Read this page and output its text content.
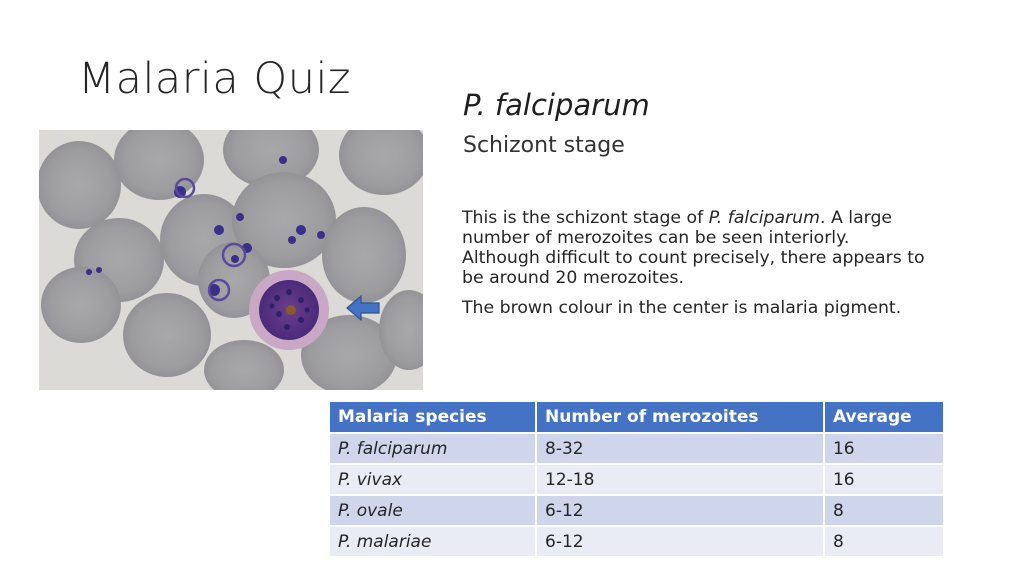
Malaria Quiz
P. falciparum
Schizont stage

This is the schizont stage of P. falciparum. A large number of merozoites can be seen interiorly. Although difficult to count precisely, there appears to be around 20 merozoites.

The brown colour in the center is malaria pigment.

Malaria species	Number of merozoites	Average
P. falciparum	8-32	16
P. vivax	12-18	16
P. ovale	6-12	8
P. malariae	6-12	8
